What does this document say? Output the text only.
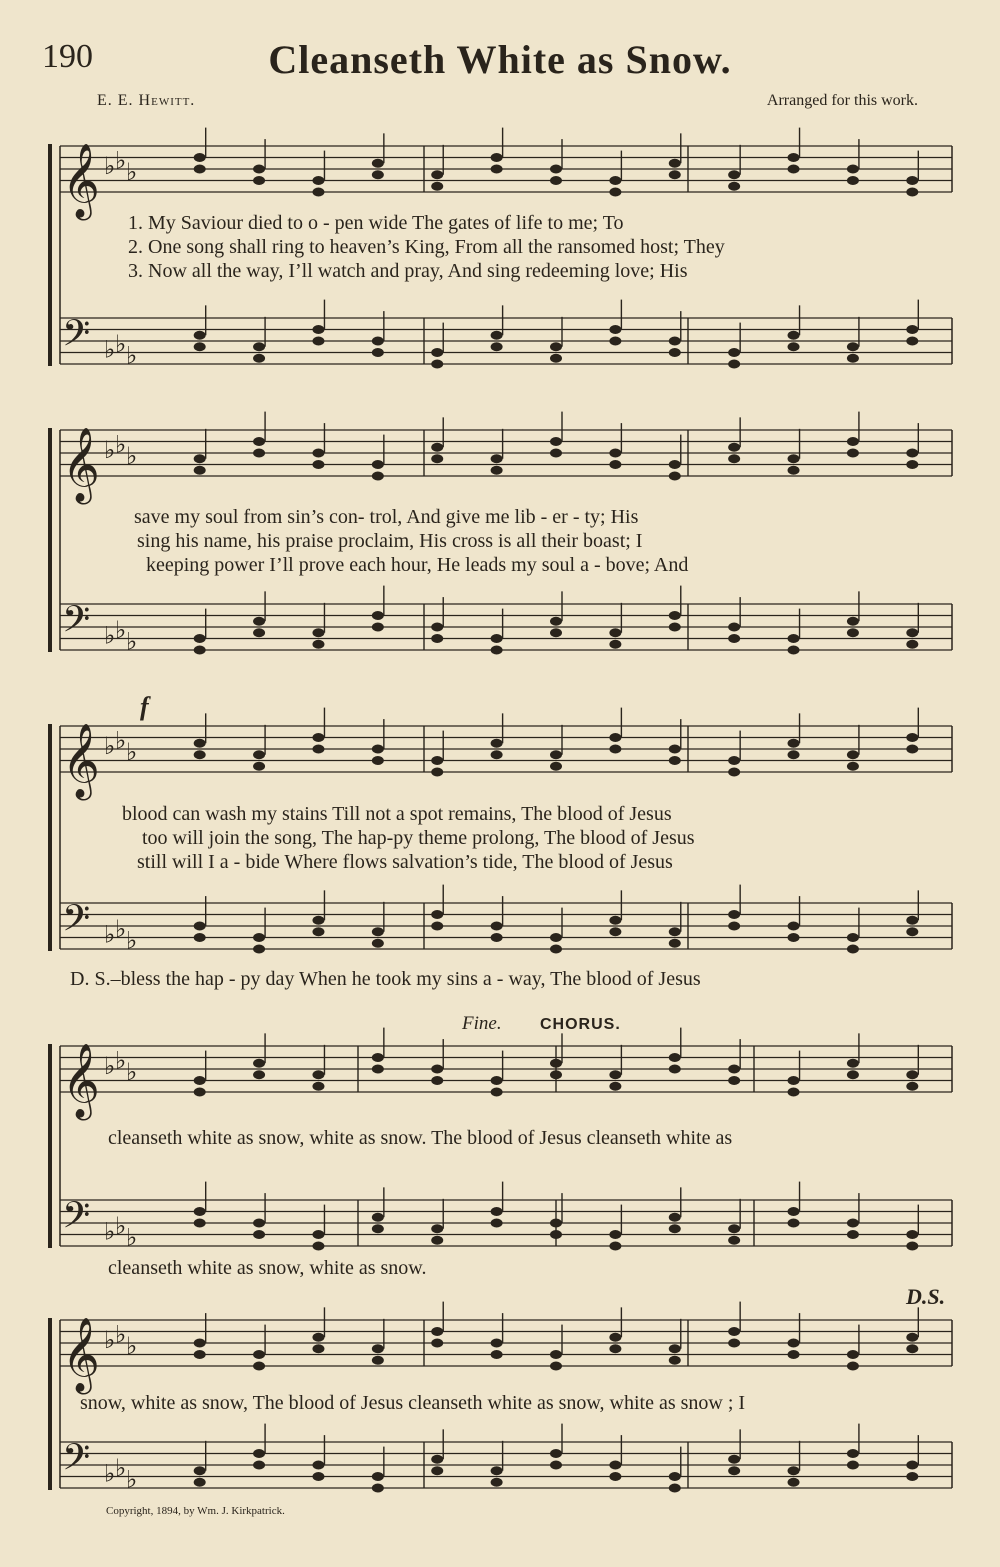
190	Cleanseth White as Snow.
E. E. Hewitt.	Arranged for this work.
𝄞
𝄢
♭
♭
♭
♭
♭
♭
𝄞
𝄢
♭
♭
♭
♭
♭
♭
𝄞
𝄢
♭
♭
♭
♭
♭
♭
𝄞
𝄢
♭
♭
♭
♭
♭
♭
𝄞
𝄢
♭
♭
♭
♭
♭
♭
1. My Saviour died to o - pen wide The gates of life to me; To
2. One song shall ring to heaven’s King, From all the ransomed host; They
3. Now all the way, I’ll watch and pray, And sing redeeming love; His
save my soul from sin’s con- trol, And give me lib - er - ty; His
sing his name, his praise proclaim, His cross is all their boast; I
keeping power I’ll prove each hour, He leads my soul a - bove; And
f
blood can wash my stains Till not a spot remains, The blood of Jesus
too will join the song, The hap-py theme prolong, The blood of Jesus
still will I a - bide Where flows salvation’s tide, The blood of Jesus
D. S.–bless the hap - py day When he took my sins a - way, The blood of Jesus
Fine. CHORUS.
cleanseth white as snow, white as snow. The blood of Jesus cleanseth white as
cleanseth white as snow, white as snow.
D.S.
snow, white as snow, The blood of Jesus cleanseth white as snow, white as snow ; I
Copyright, 1894, by Wm. J. Kirkpatrick.
